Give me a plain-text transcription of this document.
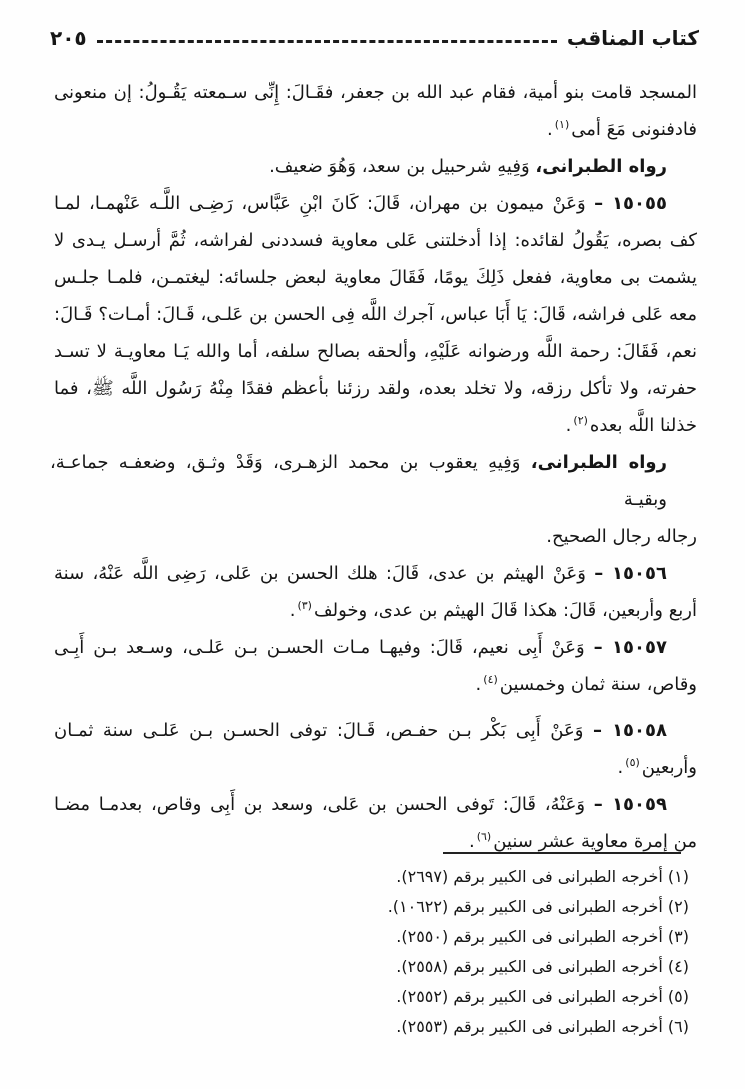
كتاب المناقب
٢٠٥
المسجد قامت بنو أمية، فقام عبد الله بن جعفر، فقَـالَ: إِنِّى سـمعته يَقُـولُ: إن منعونى
فادفنونى مَعَ أمى$^{(١)}$.
رواه الطبرانى، وَفِيهِ شرحبيل بن سعد، وَهُوَ ضعيف.
١٥٠٥٥ – وَعَنْ ميمون بن مهران، قَالَ: كَانَ ابْنِ عَبَّاس، رَضِـى اللَّـه عَنْهمـا، لمـا
كف بصره، يَقُولُ لقائده: إذا أدخلتنى عَلى معاوية فسددنى لفراشه، ثُمَّ أرسـل يـدى لا
يشمت بى معاوية، ففعل ذَلِكَ يومًا، فَقَالَ معاوية لبعض جلسائه: ليغتمـن، فلمـا جلـس
معه عَلى فراشه، قَالَ: يَا أَبَا عباس، آجرك اللَّه فِى الحسن بن عَلـى، قَـالَ: أمـات؟ قَـالَ:
نعم، فَقَالَ: رحمة اللَّه ورضوانه عَلَيْهِ، وألحقه بصالح سلفه، أما والله يَـا معاويـة لا تسـد
حفرته، ولا تأكل رزقه، ولا تخلد بعده، ولقد رزئنا بأعظم فقدًا مِنْهُ رَسُول اللَّه ﷺ، فما
خذلنا اللَّه بعده$^{(٢)}$.
رواه الطبرانى، وَفِيهِ يعقوب بن محمد الزهـرى، وَقَدْ وثـق، وضعفـه جماعـة، وبقيـة
رجاله رجال الصحيح.
١٥٠٥٦ – وَعَنْ الهيثم بن عدى، قَالَ: هلك الحسن بن عَلى، رَضِى اللَّه عَنْهُ، سنة
أربع وأربعين، قَالَ: هكذا قَالَ الهيثم بن عدى، وخولف$^{(٣)}$.
١٥٠٥٧ – وَعَنْ أَبِى نعيم، قَالَ: وفيهـا مـات الحسـن بـن عَلـى، وسـعد بـن أَبِـى
وقاص، سنة ثمان وخمسين$^{(٤)}$.
١٥٠٥٨ – وَعَنْ أَبِى بَكْر بـن حفـص، قَـالَ: توفى الحسـن بـن عَلـى سنة ثمـان
وأربعين$^{(٥)}$.
١٥٠٥٩ – وَعَنْهُ، قَالَ: تَوفى الحسن بن عَلى، وسعد بن أَبِى وقاص، بعدمـا مضـا
من إمرة معاوية عشر سنين$^{(٦)}$.
(١) أخرجه الطبرانى فى الكبير برقم (٢٦٩٧).
(٢) أخرجه الطبرانى فى الكبير برقم (١٠٦٢٢).
(٣) أخرجه الطبرانى فى الكبير برقم (٢٥٥٠).
(٤) أخرجه الطبرانى فى الكبير برقم (٢٥٥٨).
(٥) أخرجه الطبرانى فى الكبير برقم (٢٥٥٢).
(٦) أخرجه الطبرانى فى الكبير برقم (٢٥٥٣).
